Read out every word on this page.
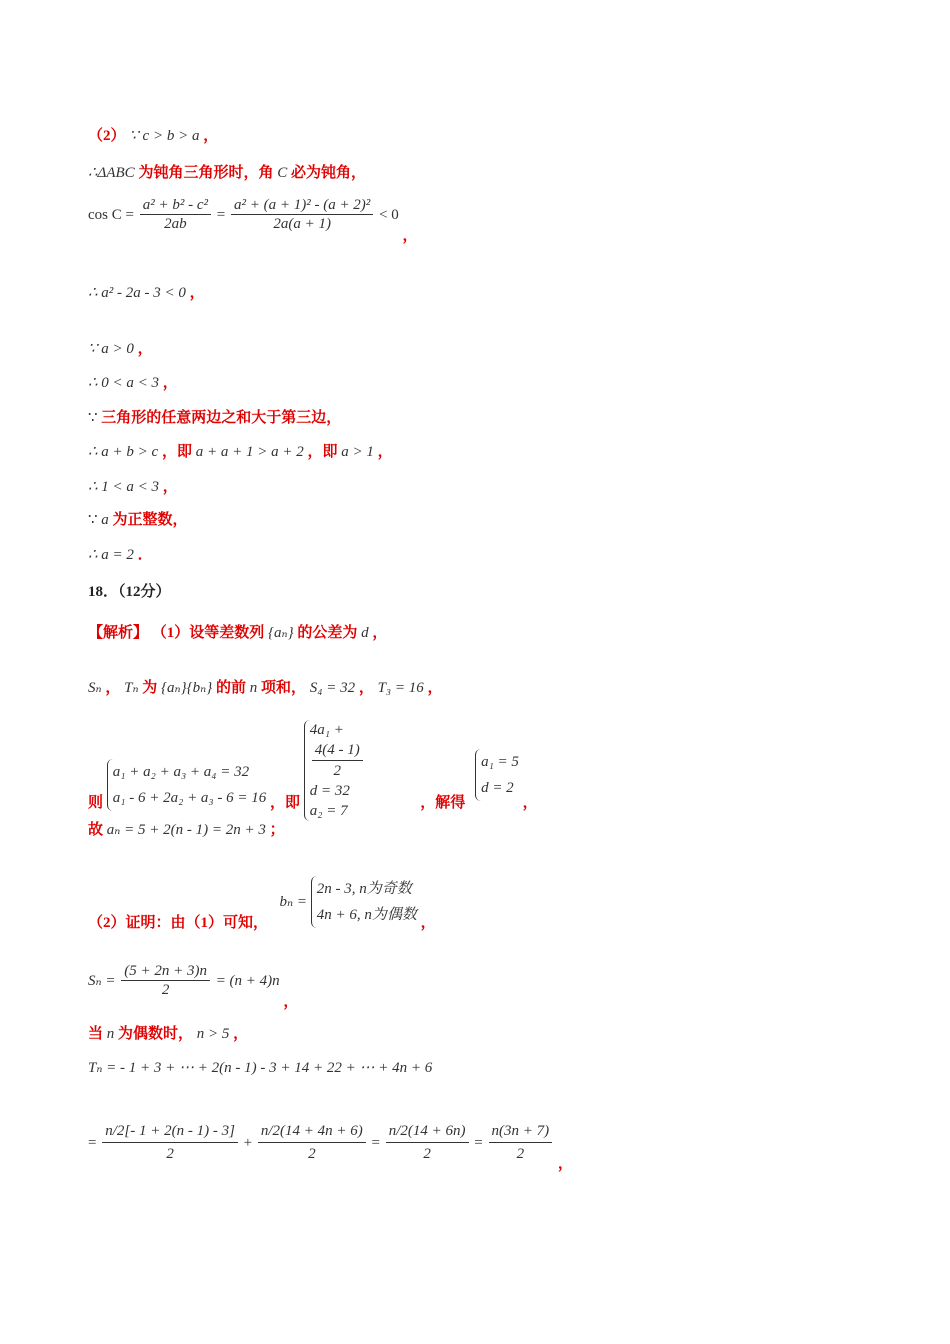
（2） ∵ c > b > a ，
∴ΔABC 为钝角三角形时，角 C 必为钝角，
$\cos C = \frac{\text{a² + b² - c²}}{2ab} = \frac{\text{a² + (a + 1)² - (a + 2)²}}{2a(a + 1)} < 0$ ，
∴ a² - 2a - 3 < 0 ，
∵ a > 0 ，
∴ 0 < a < 3 ，
∵ 三角形的任意两边之和大于第三边，
∴ a + b > c ，即 a + a + 1 > a + 2 ，即 a > 1 ，
∴ 1 < a < 3 ，
∵ a 为正整数，
∴ a = 2 ．
18．（12分）
【解析】 （1）设等差数列 {aₙ} 的公差为 d ，
Sₙ ， Tₙ 为 {aₙ}{bₙ} 的前 n 项和， S₄ = 32 ， T₃ = 16 ，
则
a₁ + a₂ + a₃ + a₄ = 32
a₁ - 6 + 2a₂ + a₃ - 6 = 16 ，即
4a₁ +
4(4 - 1)
2
d = 32
a₂ = 7
，解得
a₁ = 5
d = 2
，
故 aₙ = 5 + 2(n - 1) = 2n + 3 ；
（2）证明：由（1）可知，  bₙ =
2n - 3, n为奇数
4n + 6, n为偶数
，
$S_n = \frac{(5 + 2n + 3)n}{2} = (n + 4)n$ ，
当 n 为偶数时， n > 5 ，
Tₙ = - 1 + 3 + ⋯ + 2(n - 1) - 3 + 14 + 22 + ⋯ + 4n + 6
= $\frac{n/2[- 1 + 2(n - 1) - 3]}{2} + \frac{n/2(14 + 4n + 6)}{2} = \frac{n/2(14 + 6n)}{2} = \frac{n(3n + 7)}{2}$ ，
